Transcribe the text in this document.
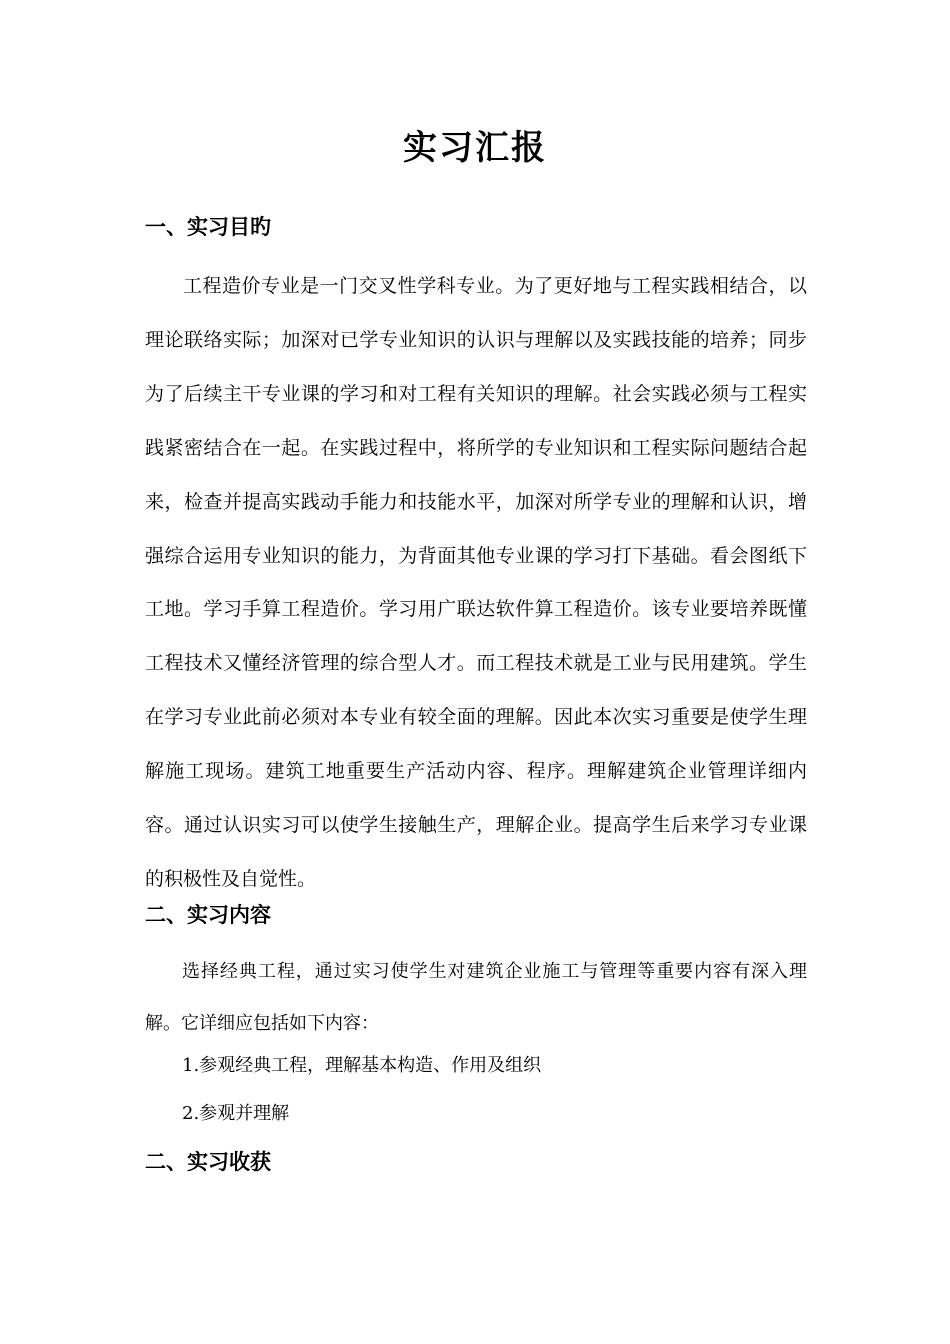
实习汇报
一、实习目旳

工程造价专业是一门交叉性学科专业。为了更好地与工程实践相结合，以理论联络实际；加深对已学专业知识的认识与理解以及实践技能的培养；同步为了后续主干专业课的学习和对工程有关知识的理解。社会实践必须与工程实践紧密结合在一起。在实践过程中，将所学的专业知识和工程实际问题结合起来，检查并提高实践动手能力和技能水平，加深对所学专业的理解和认识，增强综合运用专业知识的能力，为背面其他专业课的学习打下基础。看会图纸下工地。学习手算工程造价。学习用广联达软件算工程造价。该专业要培养既懂工程技术又懂经济管理的综合型人才。而工程技术就是工业与民用建筑。学生在学习专业此前必须对本专业有较全面的理解。因此本次实习重要是使学生理解施工现场。建筑工地重要生产活动内容、程序。理解建筑企业管理详细内容。通过认识实习可以使学生接触生产，理解企业。提高学生后来学习专业课的积极性及自觉性。

二、实习内容

选择经典工程，通过实习使学生对建筑企业施工与管理等重要内容有深入理解。它详细应包括如下内容：

1.参观经典工程，理解基本构造、作用及组织
2.参观并理解
二、实习收获
